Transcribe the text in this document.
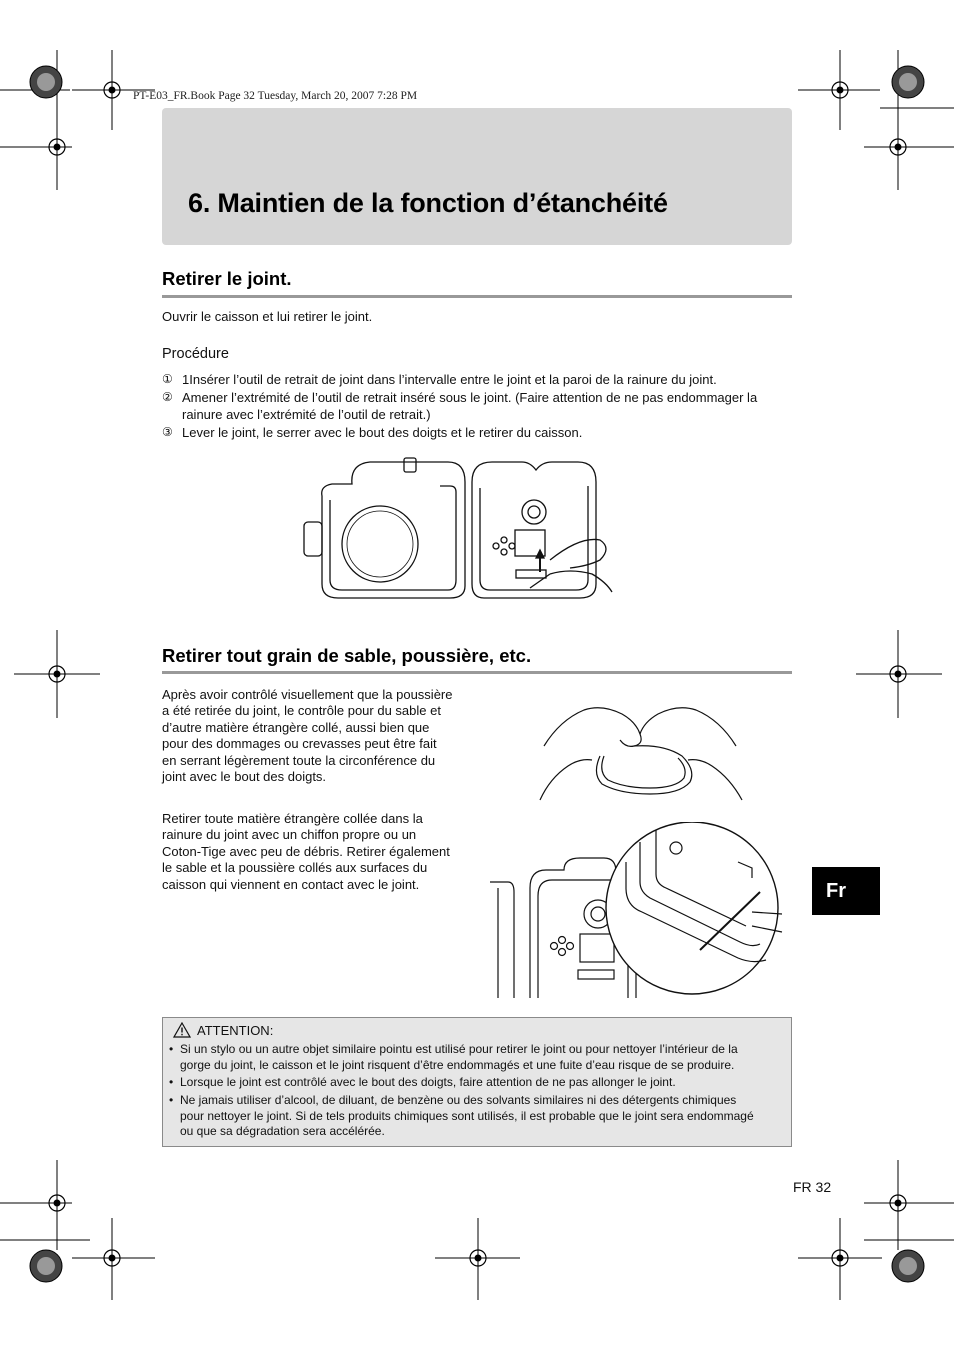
PT-E03_FR.Book Page 32 Tuesday, March 20, 2007 7:28 PM
6. Maintien de la fonction d’étanchéité
Retirer le joint.
Ouvrir le caisson et lui retirer le joint.
Procédure
① 1Insérer l’outil de retrait de joint dans l’intervalle entre le joint et la paroi de la rainure du joint.
② Amener l’extrémité de l’outil de retrait inséré sous le joint. (Faire attention de ne pas endommager la
rainure avec l’extrémité de l’outil de retrait.)
③ Lever le joint, le serrer avec le bout des doigts et le retirer du caisson.
Retirer tout grain de sable, poussière, etc.
Après avoir contrôlé visuellement que la poussière
a été retirée du joint, le contrôle pour du sable et
d’autre matière étrangère collé, aussi bien que
pour des dommages ou crevasses peut être fait
en serrant légèrement toute la circonférence du
joint avec le bout des doigts.
Retirer toute matière étrangère collée dans la
rainure du joint avec un chiffon propre ou un
Coton-Tige avec peu de débris. Retirer également
le sable et la poussière collés aux surfaces du
caisson qui viennent en contact avec le joint.
ATTENTION:
• Si un stylo ou un autre objet similaire pointu est utilisé pour retirer le joint ou pour nettoyer l’intérieur de la
gorge du joint, le caisson et le joint risquent d’être endommagés et une fuite d’eau risque de se produire.
• Lorsque le joint est contrôlé avec le bout des doigts, faire attention de ne pas allonger le joint.
• Ne jamais utiliser d’alcool, de diluant, de benzène ou des solvants similaires ni des détergents chimiques
pour nettoyer le joint. Si de tels produits chimiques sont utilisés, il est probable que le joint sera endommagé
ou que sa dégradation sera accélérée.
Fr
FR 32
